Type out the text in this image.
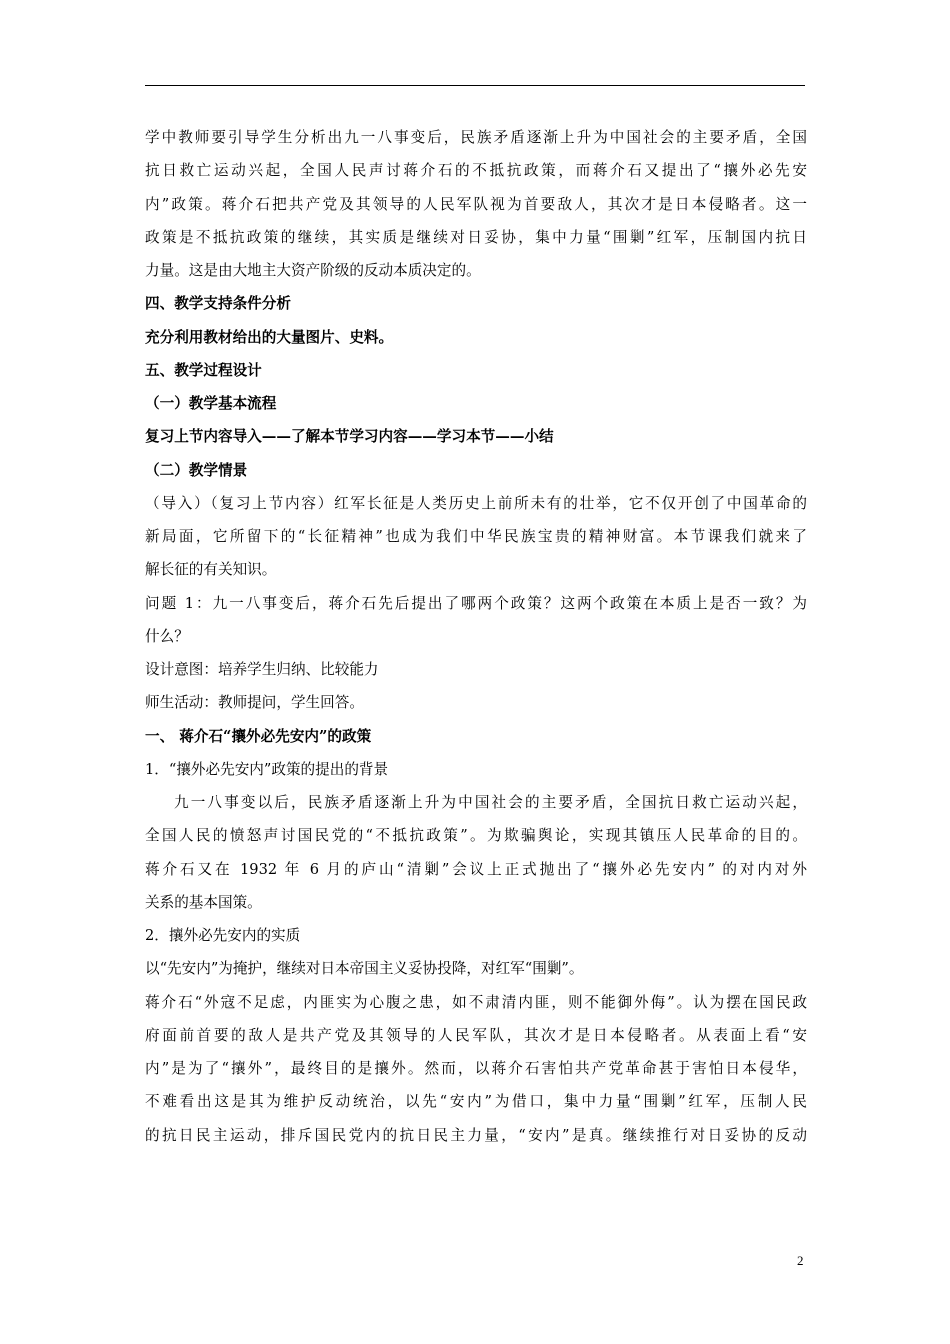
学中教师要引导学生分析出九一八事变后，民族矛盾逐渐上升为中国社会的主要矛盾，全国
抗日救亡运动兴起，全国人民声讨蒋介石的不抵抗政策，而蒋介石又提出了“攘外必先安
内”政策。蒋介石把共产党及其领导的人民军队视为首要敌人，其次才是日本侵略者。这一
政策是不抵抗政策的继续，其实质是继续对日妥协，集中力量“围剿”红军，压制国内抗日
力量。这是由大地主大资产阶级的反动本质决定的。
四、教学支持条件分析
充分利用教材给出的大量图片、史料。
五、教学过程设计
（一）教学基本流程
复习上节内容导入——了解本节学习内容——学习本节——小结
（二）教学情景
（导入）（复习上节内容）红军长征是人类历史上前所未有的壮举，它不仅开创了中国革命的
新局面，它所留下的“长征精神”也成为我们中华民族宝贵的精神财富。本节课我们就来了
解长征的有关知识。
问题 1：九一八事变后，蒋介石先后提出了哪两个政策？这两个政策在本质上是否一致？为
什么？
设计意图：培养学生归纳、比较能力
师生活动：教师提问，学生回答。
一、 蒋介石“攘外必先安内”的政策
1．“攘外必先安内”政策的提出的背景
九一八事变以后，民族矛盾逐渐上升为中国社会的主要矛盾，全国抗日救亡运动兴起，
全国人民的愤怒声讨国民党的“不抵抗政策”。为欺骗舆论，实现其镇压人民革命的目的。
蒋介石又在 1932 年 6 月的庐山“清剿”会议上正式抛出了“攘外必先安内” 的对内对外
关系的基本国策。
2．攘外必先安内的实质
以“先安内”为掩护，继续对日本帝国主义妥协投降，对红军“围剿”。
蒋介石“外寇不足虑，内匪实为心腹之患，如不肃清内匪，则不能御外侮”。认为摆在国民政
府面前首要的敌人是共产党及其领导的人民军队，其次才是日本侵略者。从表面上看“安
内”是为了“攘外”，最终目的是攘外。然而，以蒋介石害怕共产党革命甚于害怕日本侵华，
不难看出这是其为维护反动统治，以先“安内”为借口，集中力量“围剿”红军，压制人民
的抗日民主运动，排斥国民党内的抗日民主力量，“安内”是真。继续推行对日妥协的反动
2
